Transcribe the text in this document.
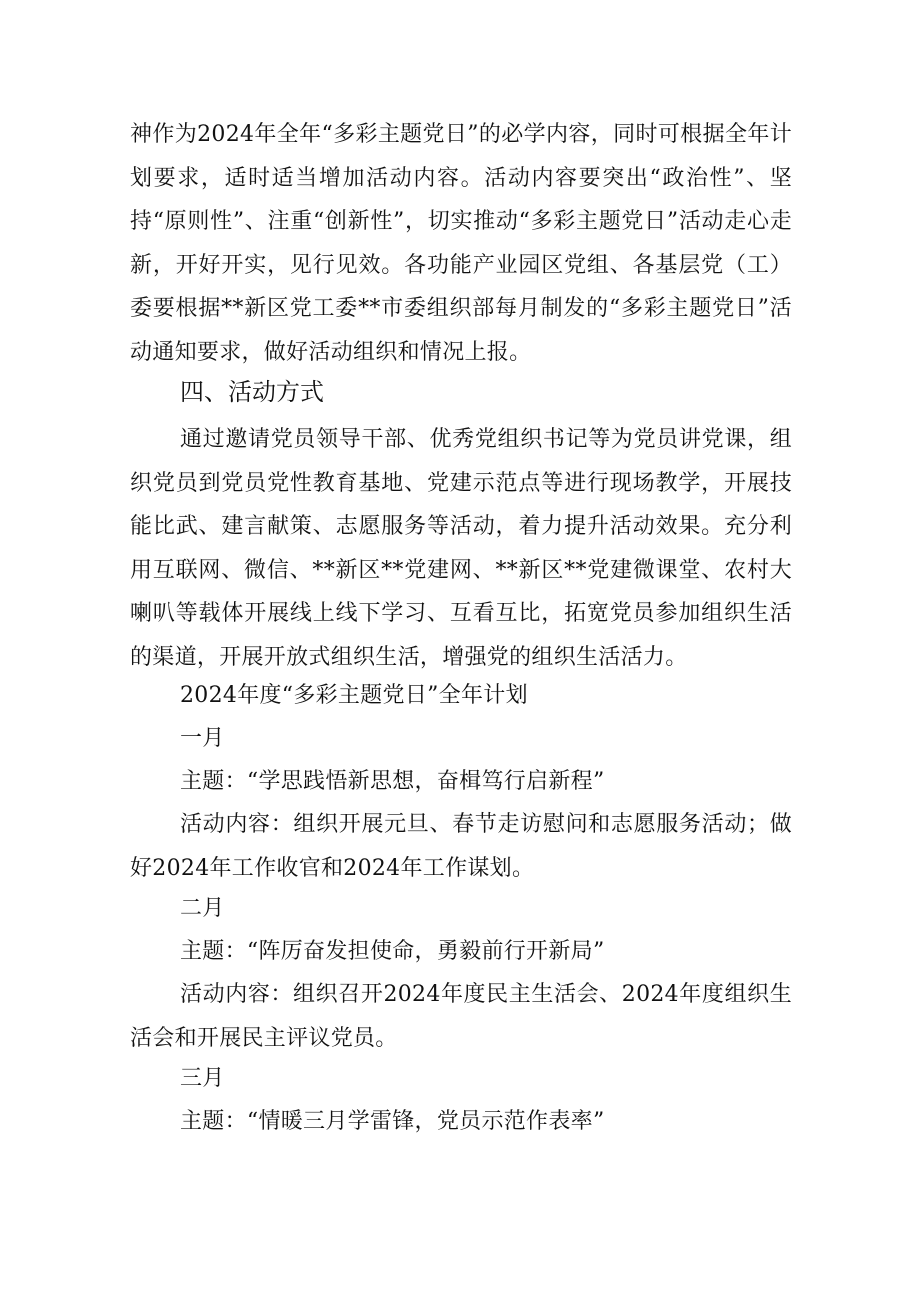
神作为2024年全年“多彩主题党日”的必学内容，同时可根据全年计划要求，适时适当增加活动内容。活动内容要突出“政治性”、坚持“原则性”、注重“创新性”，切实推动“多彩主题党日”活动走心走新，开好开实，见行见效。各功能产业园区党组、各基层党（工）委要根据**新区党工委**市委组织部每月制发的“多彩主题党日”活动通知要求，做好活动组织和情况上报。

四、活动方式

通过邀请党员领导干部、优秀党组织书记等为党员讲党课，组织党员到党员党性教育基地、党建示范点等进行现场教学，开展技能比武、建言献策、志愿服务等活动，着力提升活动效果。充分利用互联网、微信、**新区**党建网、**新区**党建微课堂、农村大喇叭等载体开展线上线下学习、互看互比，拓宽党员参加组织生活的渠道，开展开放式组织生活，增强党的组织生活活力。

2024年度“多彩主题党日”全年计划

一月

主题：“学思践悟新思想，奋楫笃行启新程”

活动内容：组织开展元旦、春节走访慰问和志愿服务活动；做好2024年工作收官和2024年工作谋划。

二月

主题：“阵厉奋发担使命，勇毅前行开新局”

活动内容：组织召开2024年度民主生活会、2024年度组织生活会和开展民主评议党员。

三月

主题：“情暖三月学雷锋，党员示范作表率”
